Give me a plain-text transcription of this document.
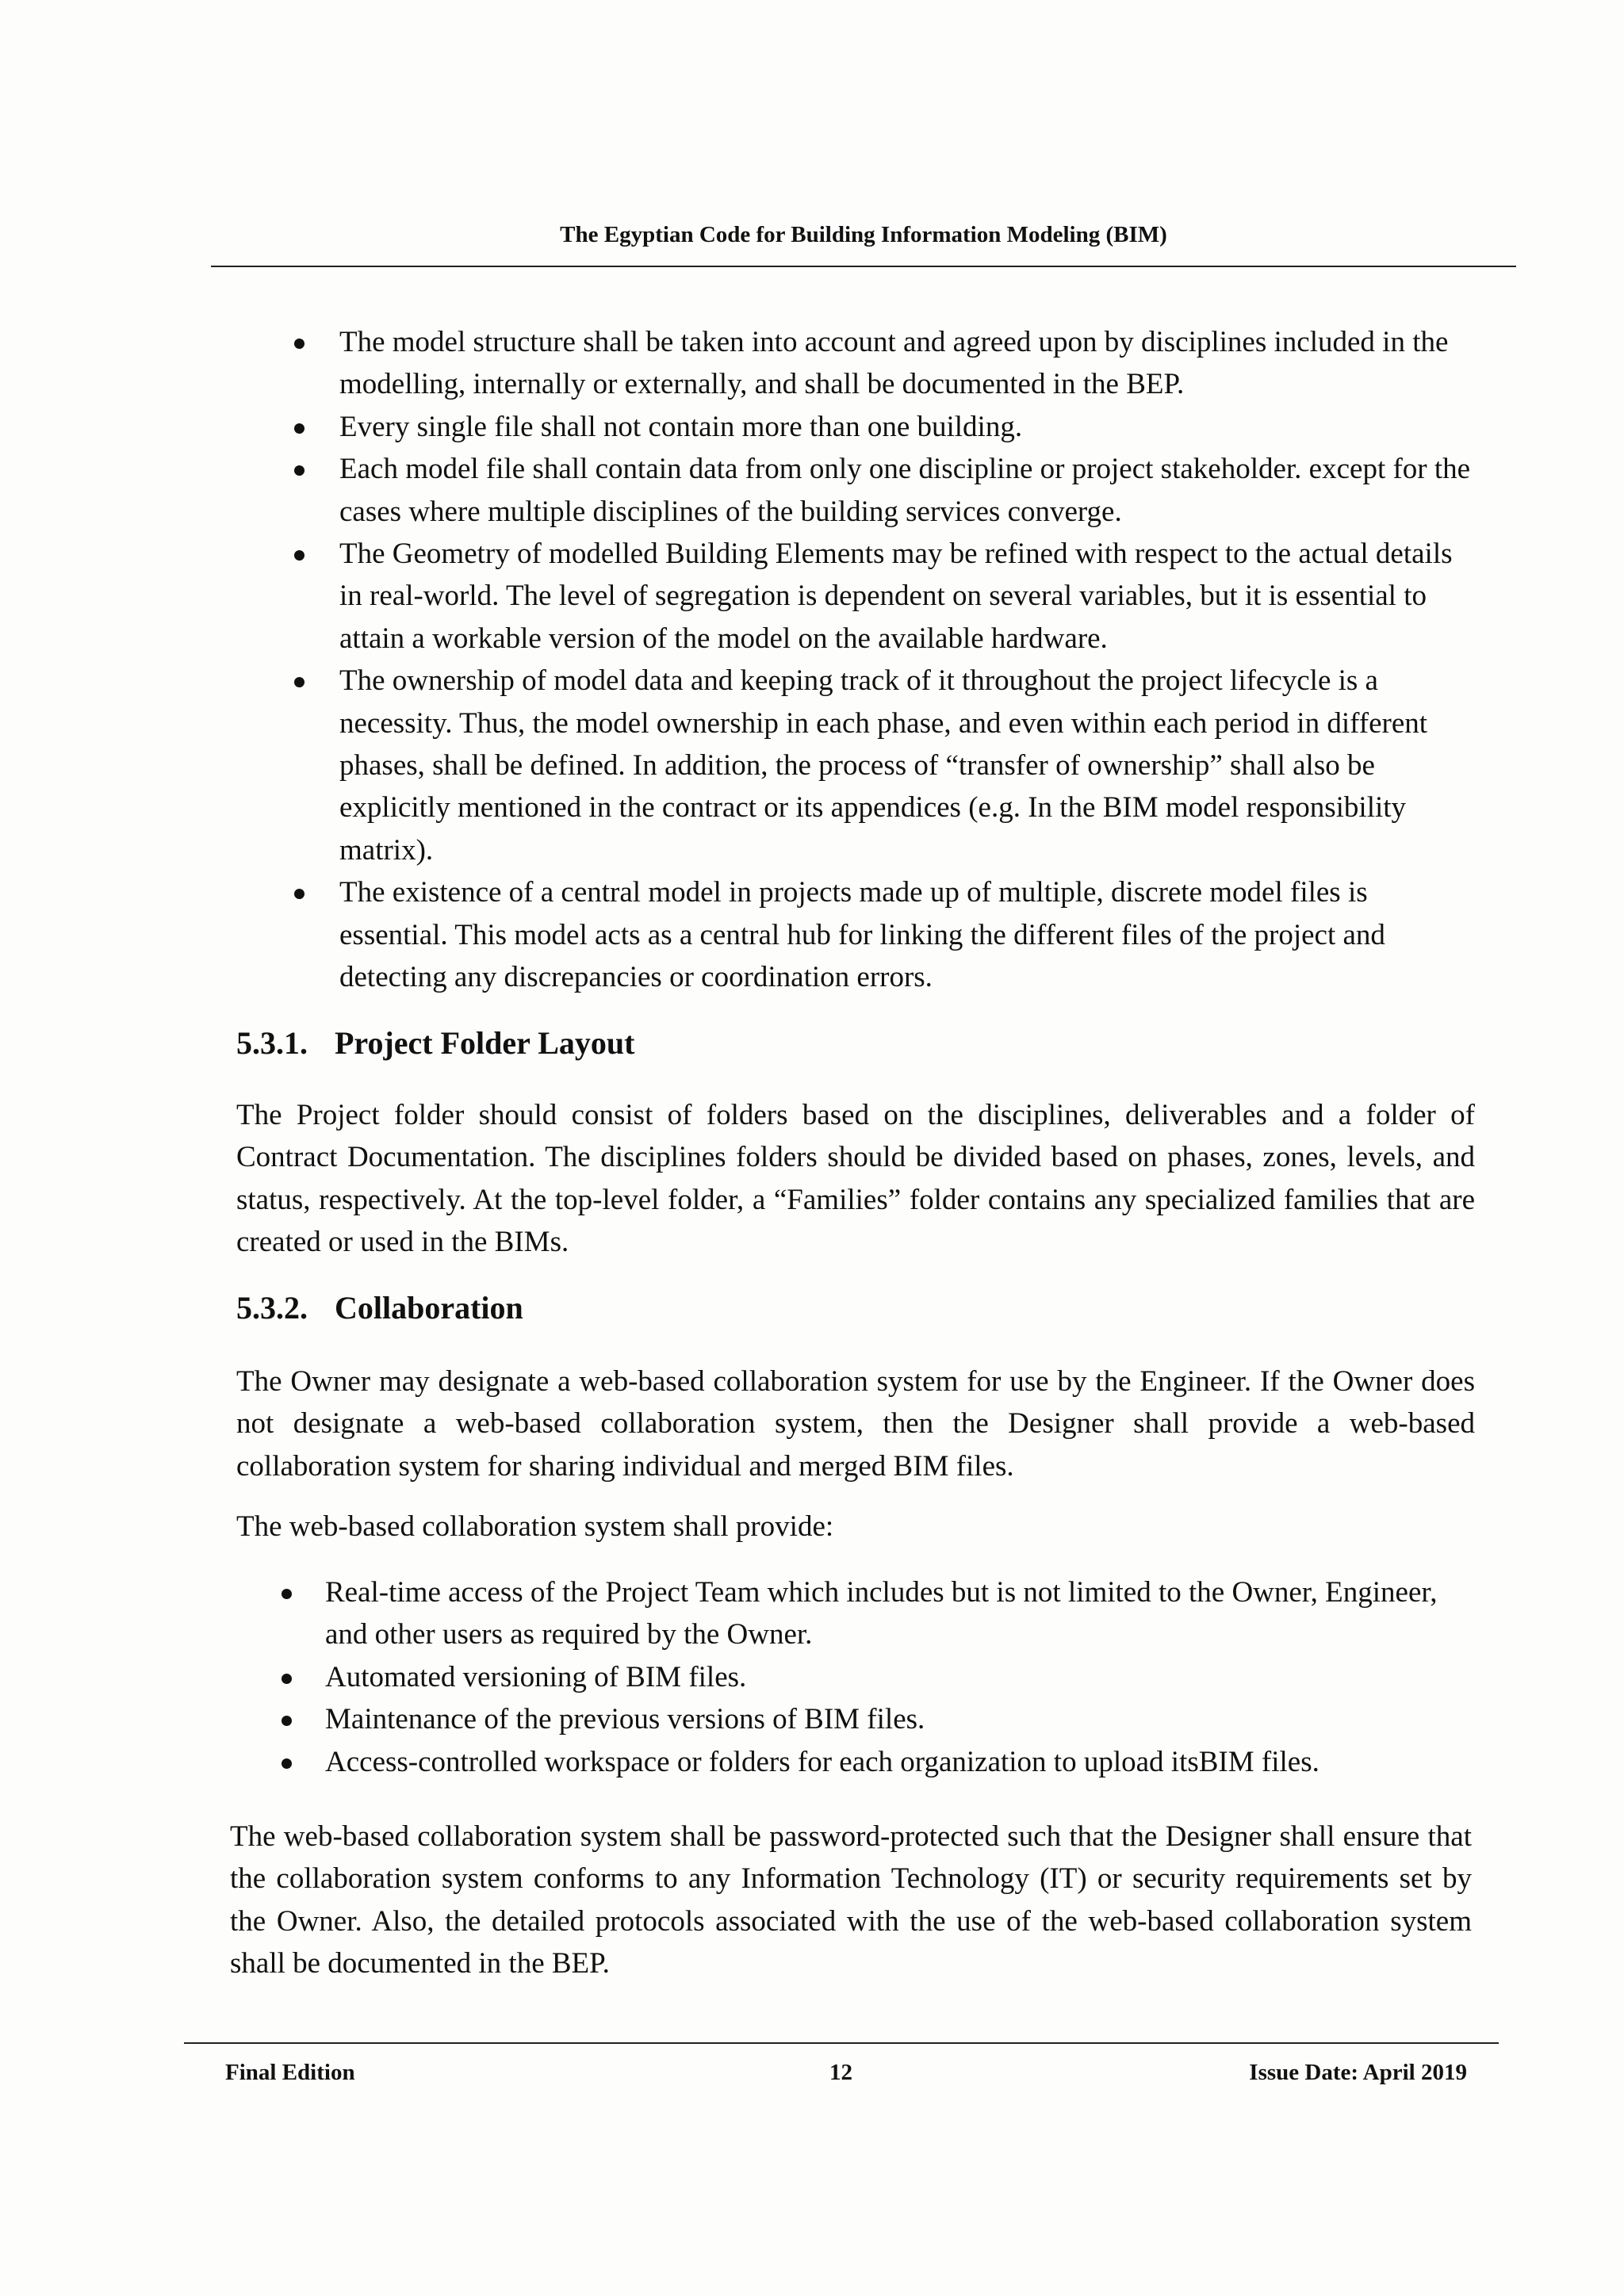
The Egyptian Code for Building Information Modeling (BIM)
The model structure shall be taken into account and agreed upon by disciplines included in the modelling, internally or externally, and shall be documented in the BEP.
Every single file shall not contain more than one building.
Each model file shall contain data from only one discipline or project stakeholder. except for the cases where multiple disciplines of the building services converge.
The Geometry of modelled Building Elements may be refined with respect to the actual details in real-world. The level of segregation is dependent on several variables, but it is essential to attain a workable version of the model on the available hardware.
The ownership of model data and keeping track of it throughout the project lifecycle is a necessity. Thus, the model ownership in each phase, and even within each period in different phases, shall be defined. In addition, the process of “transfer of ownership” shall also be explicitly mentioned in the contract or its appendices (e.g. In the BIM model responsibility matrix).
The existence of a central model in projects made up of multiple, discrete model files is essential. This model acts as a central hub for linking the different files of the project and detecting any discrepancies or coordination errors.
5.3.1. Project Folder Layout

The Project folder should consist of folders based on the disciplines, deliverables and a folder of Contract Documentation. The disciplines folders should be divided based on phases, zones, levels, and status, respectively. At the top-level folder, a “Families” folder contains any specialized families that are created or used in the BIMs.

5.3.2. Collaboration

The Owner may designate a web-based collaboration system for use by the Engineer. If the Owner does not designate a web-based collaboration system, then the Designer shall provide a web-based collaboration system for sharing individual and merged BIM files.

The web-based collaboration system shall provide:

Real-time access of the Project Team which includes but is not limited to the Owner, Engineer, and other users as required by the Owner.
Automated versioning of BIM files.
Maintenance of the previous versions of BIM files.
Access-controlled workspace or folders for each organization to upload itsBIM files.

The web-based collaboration system shall be password-protected such that the Designer shall ensure that the collaboration system conforms to any Information Technology (IT) or security requirements set by the Owner. Also, the detailed protocols associated with the use of the web-based collaboration system shall be documented in the BEP.

Final Edition	12	Issue Date: April 2019
